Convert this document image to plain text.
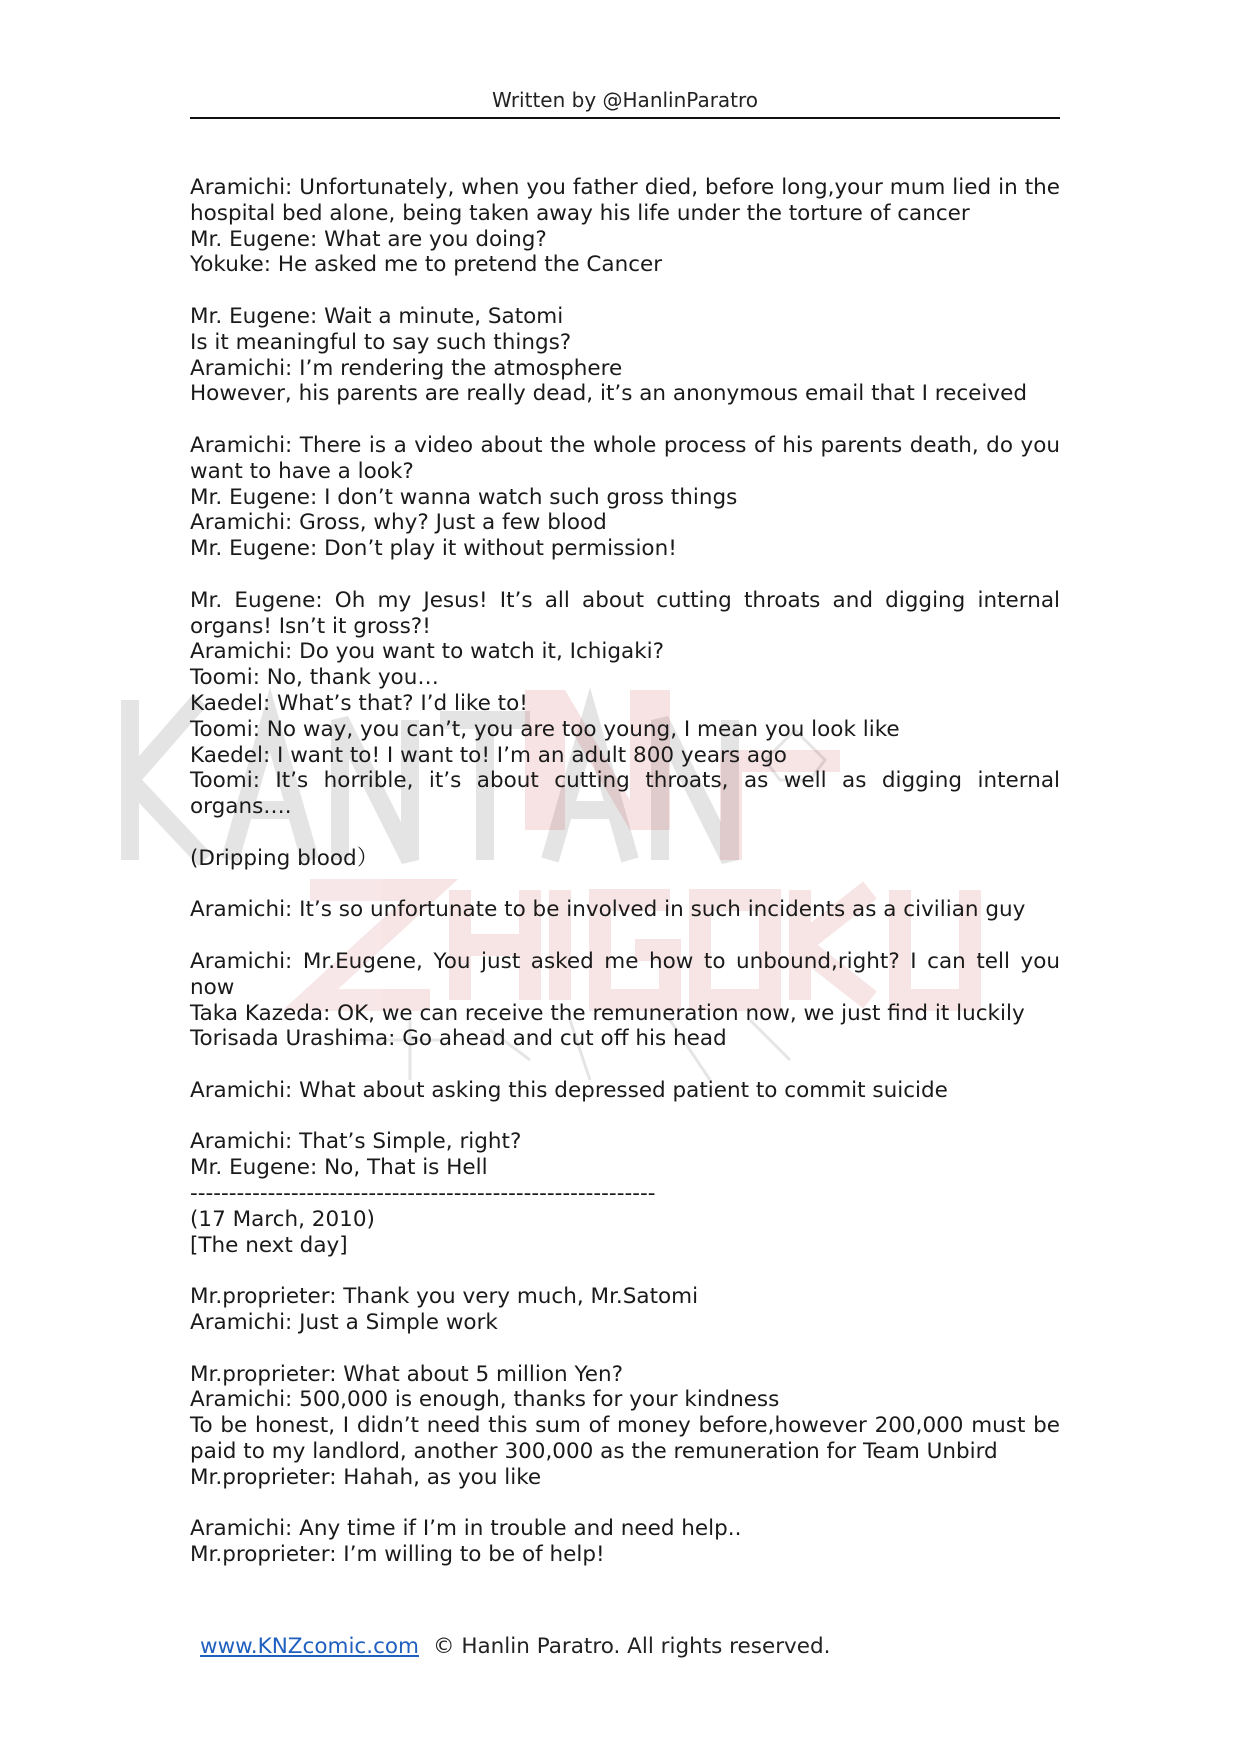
Written by @HanlinParatro
Aramichi: Unfortunately, when you father died, before long,your mum lied in the hospital bed alone, being taken away his life under the torture of cancer
Mr. Eugene: What are you doing?
Yokuke: He asked me to pretend the Cancer
Mr. Eugene: Wait a minute, Satomi
Is it meaningful to say such things?
Aramichi: I’m rendering the atmosphere
However, his parents are really dead, it’s an anonymous email that I received
Aramichi: There is a video about the whole process of his parents death, do you want to have a look?
Mr. Eugene: I don’t wanna watch such gross things
Aramichi: Gross, why? Just a few blood
Mr. Eugene: Don’t play it without permission!
Mr. Eugene: Oh my Jesus! It’s all about cutting throats and digging internal organs! Isn’t it gross?!
Aramichi: Do you want to watch it, Ichigaki?
Toomi: No, thank you…
Kaedel: What’s that? I’d like to!
Toomi: No way, you can’t, you are too young, I mean you look like
Kaedel: I want to! I want to! I’m an adult 800 years ago
Toomi: It’s horrible, it’s about cutting throats, as well as digging internal organs….
(Dripping blood）
Aramichi: It’s so unfortunate to be involved in such incidents as a civilian guy
Aramichi: Mr.Eugene, You just asked me how to unbound,right? I can tell you now
Taka Kazeda: OK, we can receive the remuneration now, we just find it luckily
Torisada Urashima: Go ahead and cut off his head
Aramichi: What about asking this depressed patient to commit suicide
Aramichi: That’s Simple, right?
Mr. Eugene: No, That is Hell
------------------------------------------------------------
(17 March, 2010)
[The next day]
Mr.proprieter: Thank you very much, Mr.Satomi
Aramichi: Just a Simple work
Mr.proprieter: What about 5 million Yen?
Aramichi: 500,000 is enough, thanks for your kindness
To be honest, I didn’t need this sum of money before,however 200,000 must be paid to my landlord, another 300,000 as the remuneration for Team Unbird
Mr.proprieter: Hahah, as you like
Aramichi: Any time if I’m in trouble and need help..
Mr.proprieter: I’m willing to be of help!
www.KNZcomic.com © Hanlin Paratro. All rights reserved.
